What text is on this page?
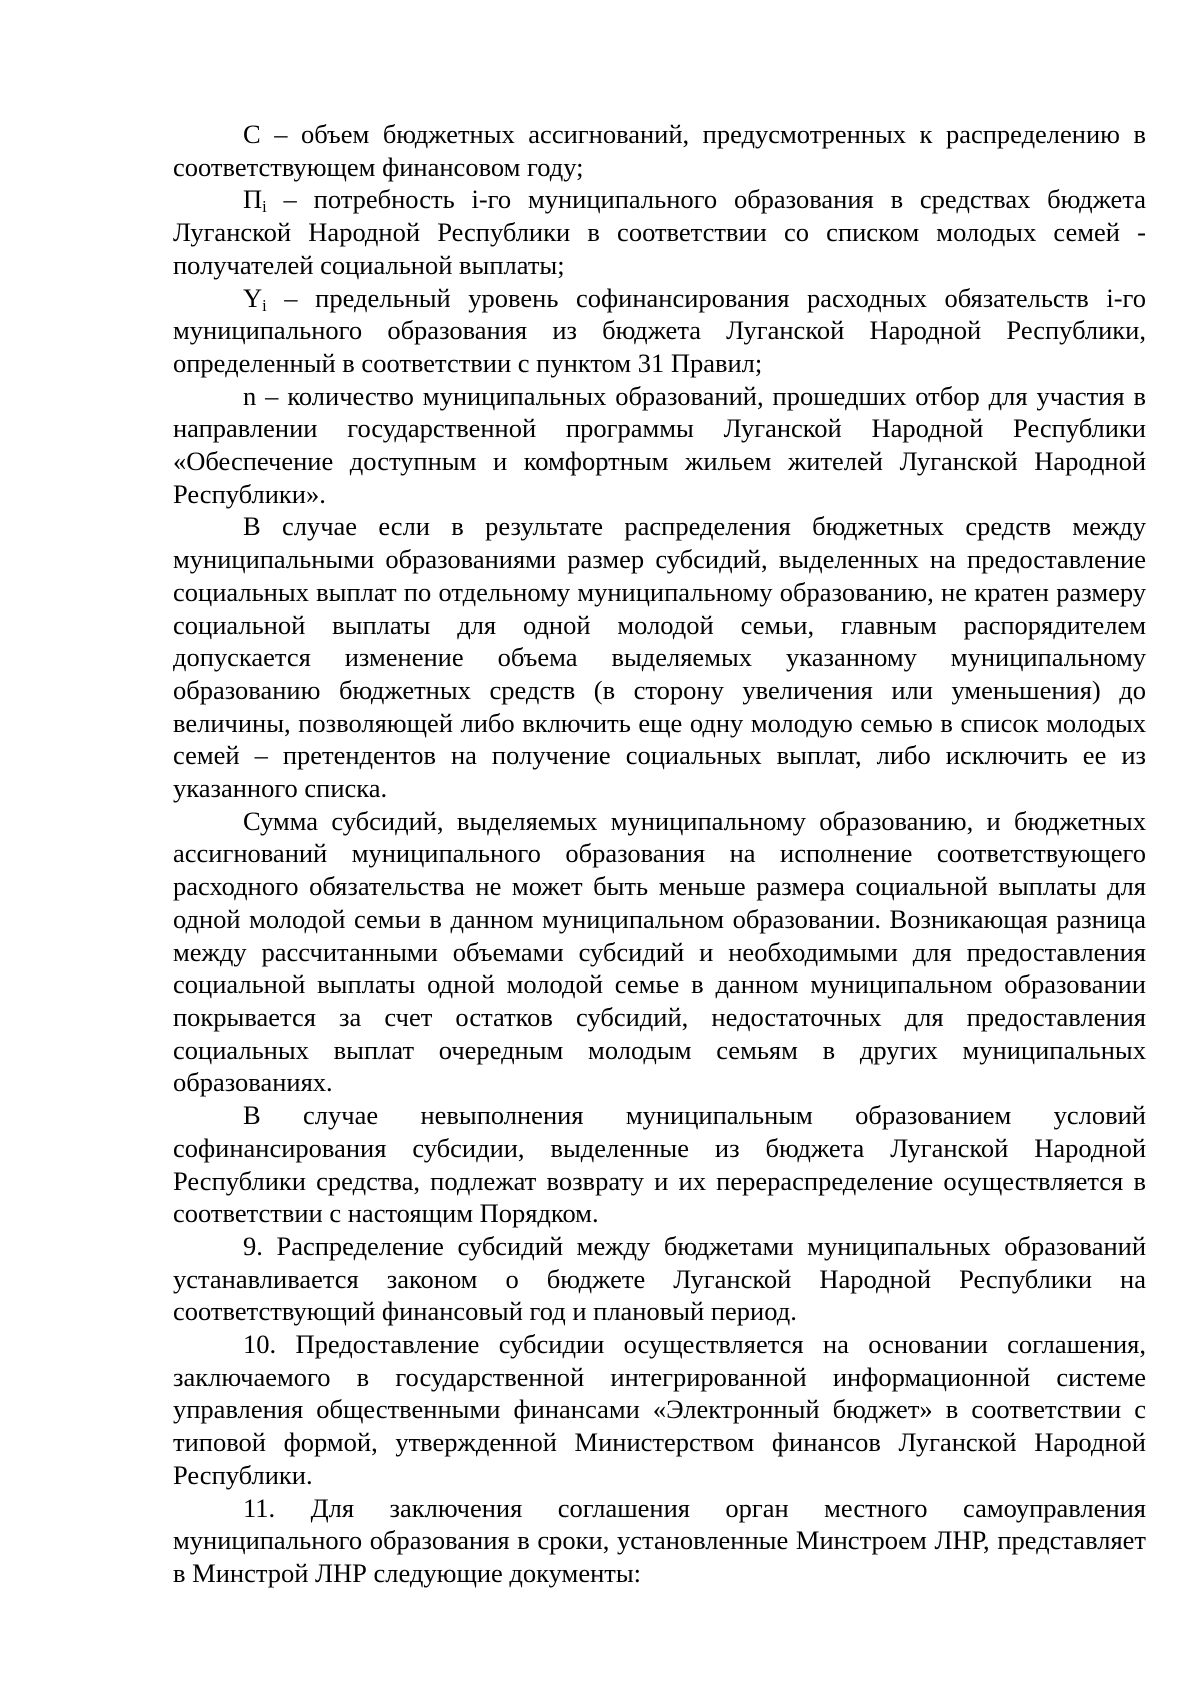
С – объем бюджетных ассигнований, предусмотренных к распределению в соответствующем финансовом году;

$П_i$ – потребность i-го муниципального образования в средствах бюджета Луганской Народной Республики в соответствии со списком молодых семей - получателей социальной выплаты;

$Y_i$ – предельный уровень софинансирования расходных обязательств i-го муниципального образования из бюджета Луганской Народной Республики, определенный в соответствии с пунктом 31 Правил;

n – количество муниципальных образований, прошедших отбор для участия в направлении государственной программы Луганской Народной Республики «Обеспечение доступным и комфортным жильем жителей Луганской Народной Республики».

В случае если в результате распределения бюджетных средств между муниципальными образованиями размер субсидий, выделенных на предоставление социальных выплат по отдельному муниципальному образованию, не кратен размеру социальной выплаты для одной молодой семьи, главным распорядителем допускается изменение объема выделяемых указанному муниципальному образованию бюджетных средств (в сторону увеличения или уменьшения) до величины, позволяющей либо включить еще одну молодую семью в список молодых семей – претендентов на получение социальных выплат, либо исключить ее из указанного списка.

Сумма субсидий, выделяемых муниципальному образованию, и бюджетных ассигнований муниципального образования на исполнение соответствующего расходного обязательства не может быть меньше размера социальной выплаты для одной молодой семьи в данном муниципальном образовании. Возникающая разница между рассчитанными объемами субсидий и необходимыми для предоставления социальной выплаты одной молодой семье в данном муниципальном образовании покрывается за счет остатков субсидий, недостаточных для предоставления социальных выплат очередным молодым семьям в других муниципальных образованиях.

В случае невыполнения муниципальным образованием условий софинансирования субсидии, выделенные из бюджета Луганской Народной Республики средства, подлежат возврату и их перераспределение осуществляется в соответствии с настоящим Порядком.

9. Распределение субсидий между бюджетами муниципальных образований устанавливается законом о бюджете Луганской Народной Республики на соответствующий финансовый год и плановый период.

10. Предоставление субсидии осуществляется на основании соглашения, заключаемого в государственной интегрированной информационной системе управления общественными финансами «Электронный бюджет» в соответствии с типовой формой, утвержденной Министерством финансов Луганской Народной Республики.

11. Для заключения соглашения орган местного самоуправления муниципального образования в сроки, установленные Минстроем ЛНР, представляет в Минстрой ЛНР следующие документы:
